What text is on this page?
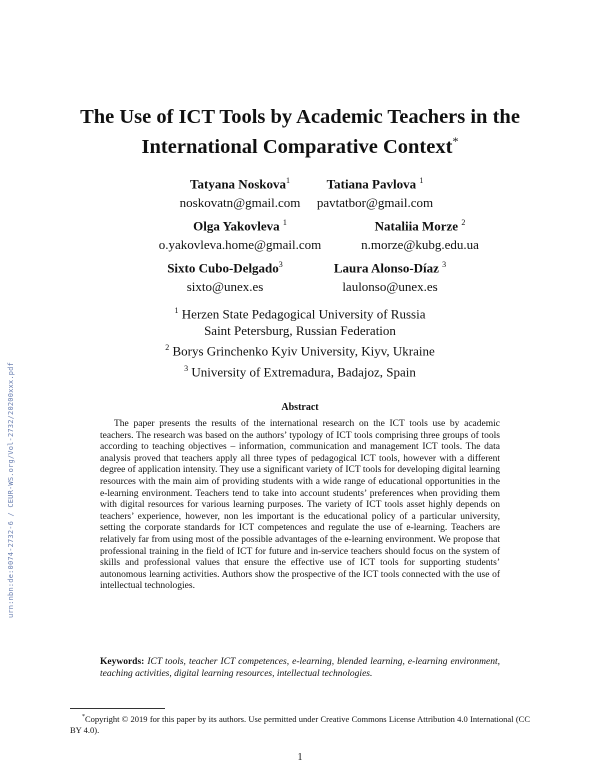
urn:nbn:de:0074-2732-6 / CEUR-WS.org/Vol-2732/20200xxx.pdf
The Use of ICT Tools by Academic Teachers in the International Comparative Context*
Tatyana Noskova$^1$
noskovatn@gmail.com
Tatiana Pavlova $^1$
pavtatbor@gmail.com
Olga Yakovleva $^1$
o.yakovleva.home@gmail.com
Nataliia Morze $^2$
n.morze@kubg.edu.ua
Sixto Cubo-Delgado$^3$
sixto@unex.es
Laura Alonso-Díaz $^3$
laulonso@unex.es
$^1$ Herzen State Pedagogical University of Russia
Saint Petersburg, Russian Federation
$^2$ Borys Grinchenko Kyiv University, Kiyv, Ukraine
$^3$ University of Extremadura, Badajoz, Spain
Abstract

The paper presents the results of the international research on the ICT tools use by academic teachers. The research was based on the authors’ typology of ICT tools comprising three groups of tools according to teaching objectives – information, communication and management ICT tools. The data analysis proved that teachers apply all three types of pedagogical ICT tools, however with a different degree of application intensity. They use a significant variety of ICT tools for developing digital learning resources with the main aim of providing students with a wide range of educational opportunities in the e-learning environment. Teachers tend to take into account students’ preferences when providing them with digital resources for various learning purposes. The variety of ICT tools asset highly depends on teachers’ experience, however, non les important is the educational policy of a particular university, setting the corporate standards for ICT competences and regulate the use of e-learning. Teachers are relatively far from using most of the possible advantages of the e-learning environment. We propose that professional training in the field of ICT for future and in-service teachers should focus on the system of skills and professional values that ensure the effective use of ICT tools for supporting students’ autonomous learning activities. Authors show the prospective of the ICT tools connected with the use of intellectual technologies.

Keywords: ICT tools, teacher ICT competences, e-learning, blended learning, e-learning environment, teaching activities, digital learning resources, intellectual technologies.

*Copyright © 2019 for this paper by its authors. Use permitted under Creative Commons License Attribution 4.0 International (CC BY 4.0).

1
